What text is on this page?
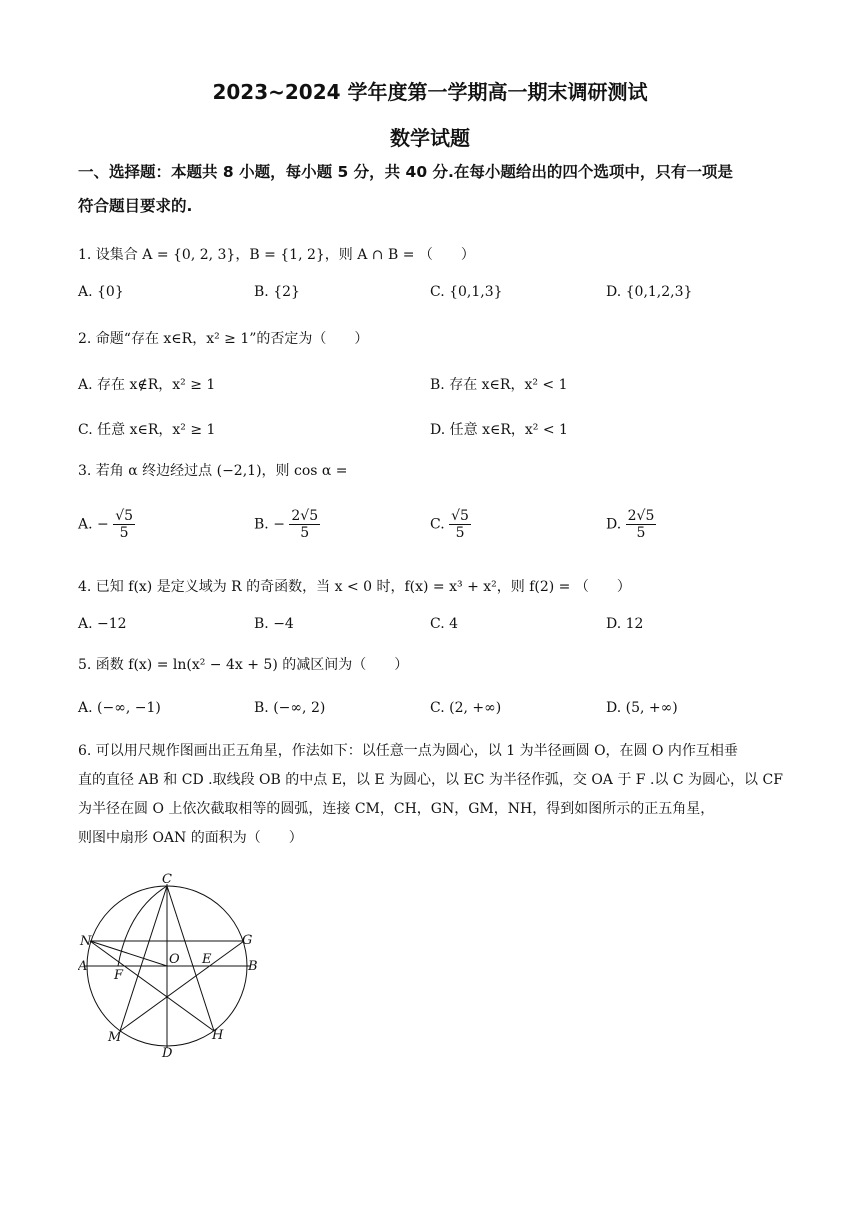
2023~2024 学年度第一学期高一期末调研测试
数学试题
一、选择题：本题共 8 小题，每小题 5 分，共 40 分.在每小题给出的四个选项中，只有一项是
符合题目要求的.
1. 设集合 A = {0, 2, 3}，B = {1, 2}，则 A ∩ B = （　　）
A. {0}	B. {2}	C. {0,1,3}	D. {0,1,2,3}
2. 命题“存在 x∈R，x² ≥ 1”的否定为（　　）
A. 存在 x∉R，x² ≥ 1	B. 存在 x∈R，x² < 1
C. 任意 x∈R，x² ≥ 1	D. 任意 x∈R，x² < 1
3. 若角 α 终边经过点 (−2,1)，则 cos α =
A. − $\frac{√5}{5}$	B. − $\frac{2√5}{5}$	C. $\frac{√5}{5}$	D. $\frac{2√5}{5}$
4. 已知 f(x) 是定义域为 R 的奇函数，当 x < 0 时，f(x) = x³ + x²，则 f(2) = （　　）
A. −12	B. −4	C. 4	D. 12
5. 函数 f(x) = ln(x² − 4x + 5) 的减区间为（　　）
A. (−∞, −1)	B. (−∞, 2)	C. (2, +∞)	D. (5, +∞)
6. 可以用尺规作图画出正五角星，作法如下：以任意一点为圆心，以 1 为半径画圆 O，在圆 O 内作互相垂
直的直径 AB 和 CD .取线段 OB 的中点 E，以 E 为圆心，以 EC 为半径作弧，交 OA 于 F .以 C 为圆心，以 CF
为半径在圆 O 上依次截取相等的圆弧，连接 CM，CH，GN，GM，NH，得到如图所示的正五角星，
则图中扇形 OAN 的面积为（　　）
C
N	G
A	O E	B
F
M	H
D
